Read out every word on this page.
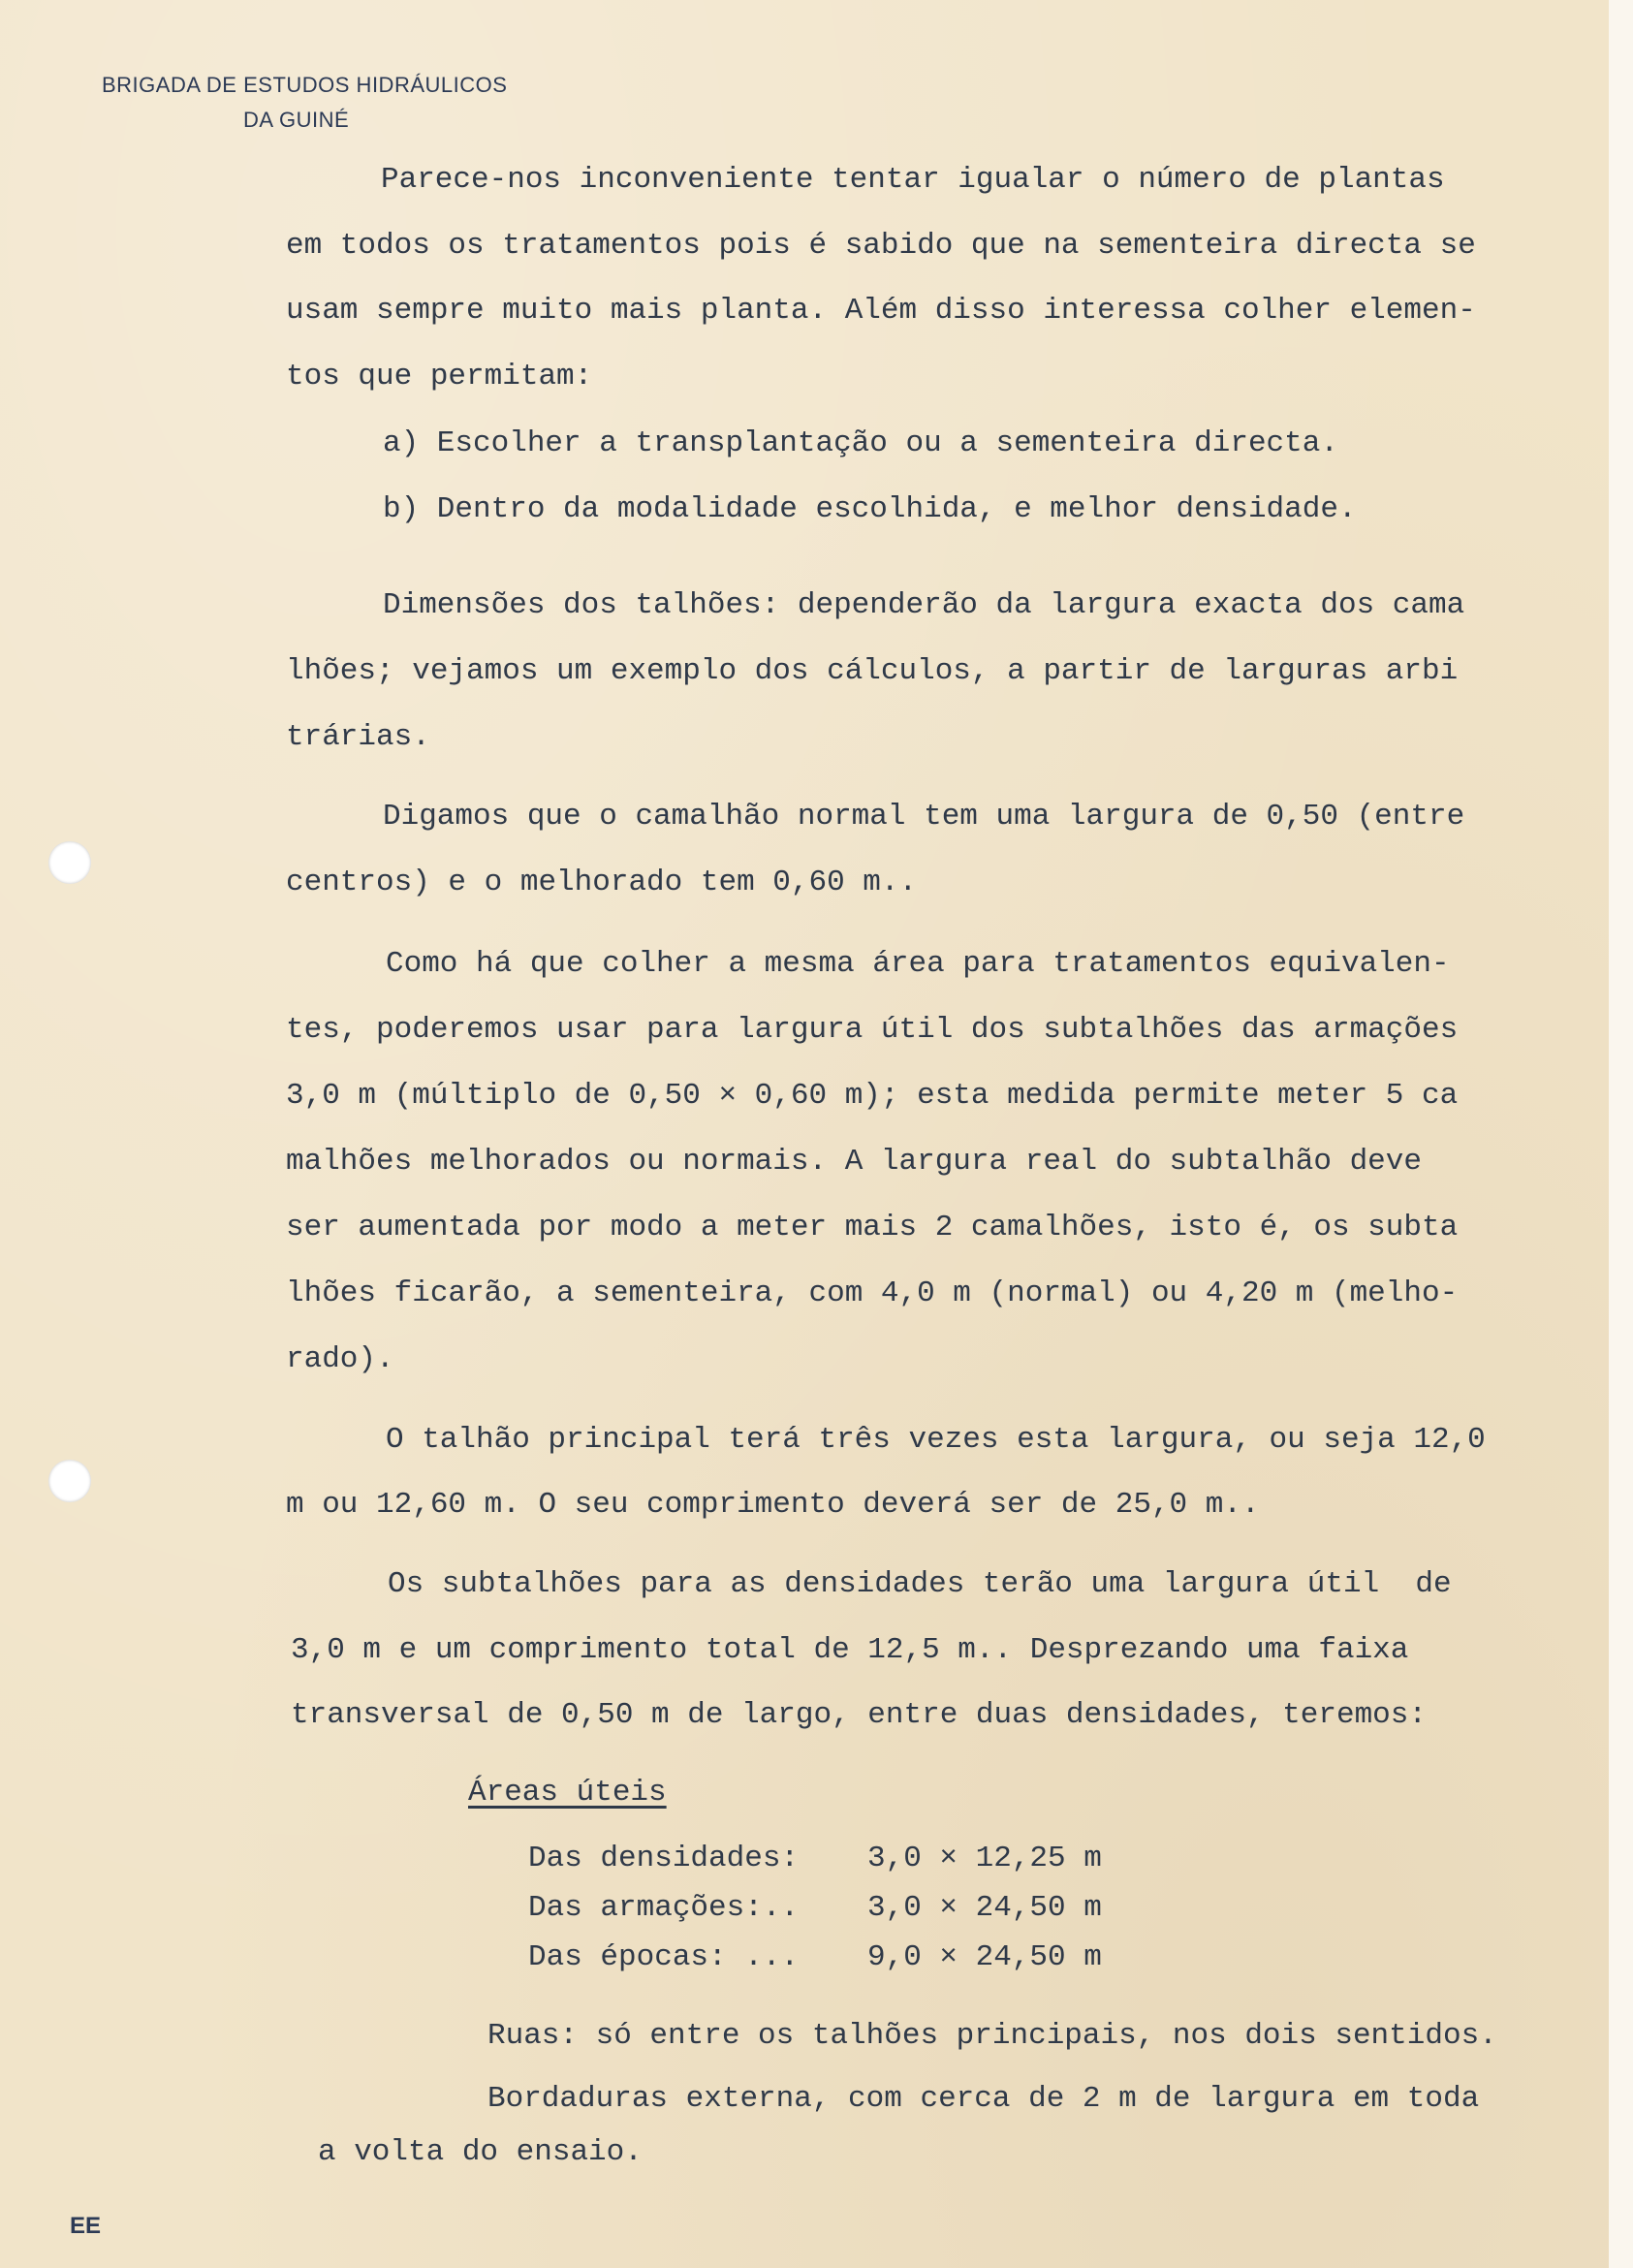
BRIGADA DE ESTUDOS HIDRÁULICOS
DA GUINÉ
Parece-nos inconveniente tentar igualar o número de plantas
em todos os tratamentos pois é sabido que na sementeira directa se
usam sempre muito mais planta. Além disso interessa colher elemen-
tos que permitam:
a) Escolher a transplantação ou a sementeira directa.
b) Dentro da modalidade escolhida, e melhor densidade.
Dimensões dos talhões: dependerão da largura exacta dos cama
lhões; vejamos um exemplo dos cálculos, a partir de larguras arbi
trárias.
Digamos que o camalhão normal tem uma largura de 0,50 (entre
centros) e o melhorado tem 0,60 m..
Como há que colher a mesma área para tratamentos equivalen-
tes, poderemos usar para largura útil dos subtalhões das armações
3,0 m (múltiplo de 0,50 × 0,60 m); esta medida permite meter 5 ca
malhões melhorados ou normais. A largura real do subtalhão deve
ser aumentada por modo a meter mais 2 camalhões, isto é, os subta
lhões ficarão, a sementeira, com 4,0 m (normal) ou 4,20 m (melho-
rado).
O talhão principal terá três vezes esta largura, ou seja 12,0
m ou 12,60 m. O seu comprimento deverá ser de 25,0 m..
Os subtalhões para as densidades terão uma largura útil  de
3,0 m e um comprimento total de 12,5 m.. Desprezando uma faixa
transversal de 0,50 m de largo, entre duas densidades, teremos:
Áreas úteis
Das densidades: 3,0 × 12,25 m
Das armações:.. 3,0 × 24,50 m
Das épocas: ... 9,0 × 24,50 m
Ruas: só entre os talhões principais, nos dois sentidos.
Bordaduras externa, com cerca de 2 m de largura em toda
a volta do ensaio.
EE
